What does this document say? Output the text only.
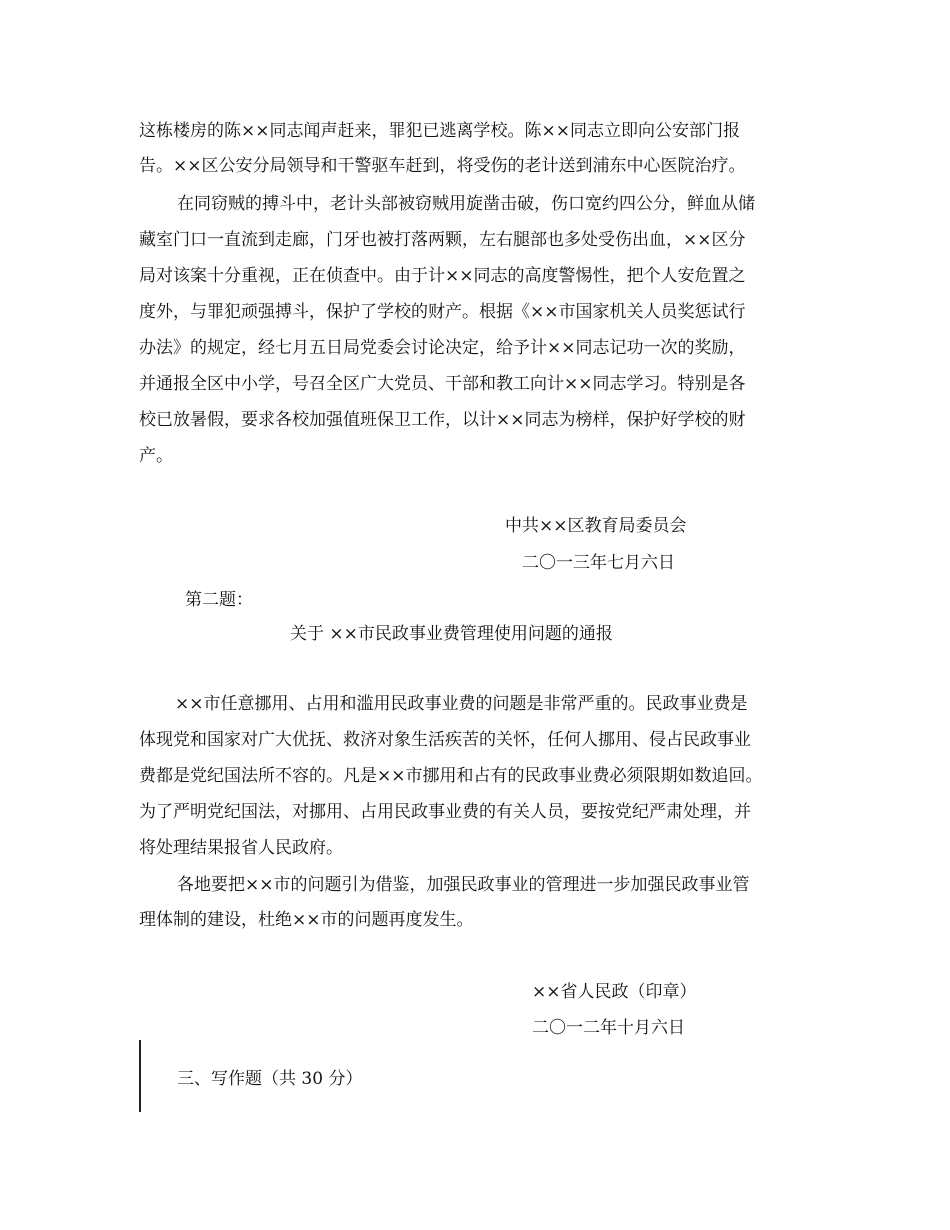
这栋楼房的陈××同志闻声赶来，罪犯已逃离学校。陈××同志立即向公安部门报
告。××区公安分局领导和干警驱车赶到，将受伤的老计送到浦东中心医院治疗。
在同窃贼的搏斗中，老计头部被窃贼用旋凿击破，伤口宽约四公分，鲜血从储
藏室门口一直流到走廊，门牙也被打落两颗，左右腿部也多处受伤出血，××区分
局对该案十分重视，正在侦查中。由于计××同志的高度警惕性，把个人安危置之
度外，与罪犯顽强搏斗，保护了学校的财产。根据《××市国家机关人员奖惩试行
办法》的规定，经七月五日局党委会讨论决定，给予计××同志记功一次的奖励，
并通报全区中小学，号召全区广大党员、干部和教工向计××同志学习。特别是各
校已放暑假，要求各校加强值班保卫工作，以计××同志为榜样，保护好学校的财
产。
中共××区教育局委员会
二〇一三年七月六日
第二题：
关于 ××市民政事业费管理使用问题的通报
××市任意挪用、占用和滥用民政事业费的问题是非常严重的。民政事业费是
体现党和国家对广大优抚、救济对象生活疾苦的关怀，任何人挪用、侵占民政事业
费都是党纪国法所不容的。凡是××市挪用和占有的民政事业费必须限期如数追回。
为了严明党纪国法，对挪用、占用民政事业费的有关人员，要按党纪严肃处理，并
将处理结果报省人民政府。
各地要把××市的问题引为借鉴，加强民政事业的管理进一步加强民政事业管
理体制的建设，杜绝××市的问题再度发生。
××省人民政（印章）
二〇一二年十月六日
三、写作题（共 30 分）
